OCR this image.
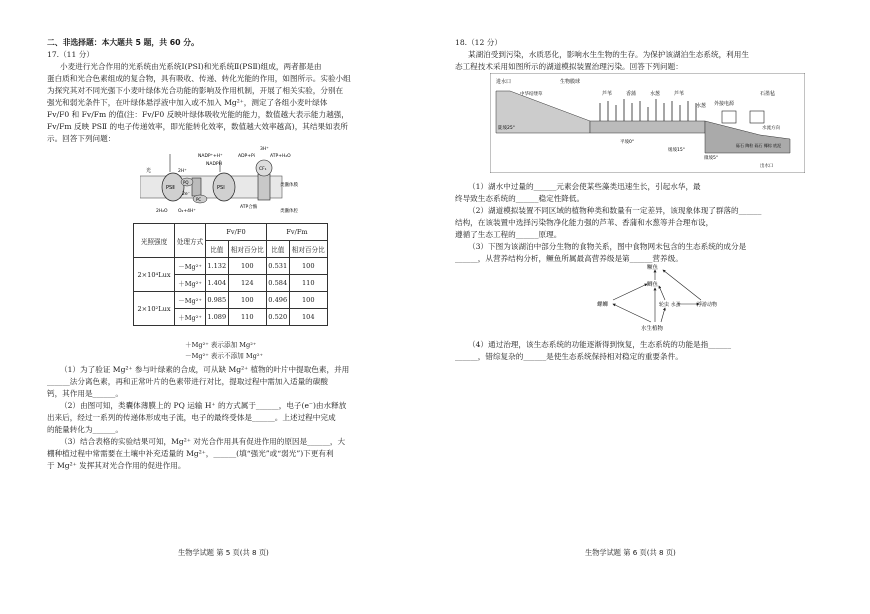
二、非选择题：本大题共 5 题，共 60 分。
17.（11 分）
小麦进行光合作用的光系统由光系统Ⅰ(PSⅠ)和光系统Ⅱ(PSⅡ)组成，两者都是由
蛋白质和光合色素组成的复合物，具有吸收、传递、转化光能的作用，如图所示。实验小组
为探究其对不同光强下小麦叶绿体光合功能的影响及作用机制，开展了相关实验，分别在
强光和弱光条件下，在叶绿体悬浮液中加入或不加入 Mg²⁺，测定了各组小麦叶绿体
Fv/F0 和 Fv/Fm 的值(注：Fv/F0 反映叶绿体吸收光能的能力，数值越大表示能力越强，
Fv/Fm 反映 PSⅡ 的电子传递效率，即光能转化效率，数值越大效率越高)，其结果如表所
示。回答下列问题：
光
PSⅡ	PSⅠ
PQ
PC
CF₁
3H⁺
ADP+Pi	ATP+H₂O
NADP⁺+H⁺
NADPH
2H⁺
2e⁻
2H₂O O₂+4H⁺
ATP合酶
类囊体膜
类囊体腔
光照强度	处理方式	Fv/F0		Fv/Fm	
		比值	相对百分比	比值	相对百分比
2×10⁴Lux	－Mg²⁺	1.132	100	0.531	100
	＋Mg²⁺	1.404	124	0.584	110
2×10²Lux	－Mg²⁺	0.985	100	0.496	100
	＋Mg²⁺	1.089	110	0.520	104
＋Mg²⁺ 表示添加 Mg²⁺
－Mg²⁺ 表示不添加 Mg²⁺
（1）为了验证 Mg²⁺ 参与叶绿素的合成，可从缺 Mg²⁺ 植物的叶片中提取色素，并用
______法分离色素，再和正常叶片的色素带进行对比，提取过程中需加入适量的碳酸
钙，其作用是______。
（2）由图可知，类囊体薄膜上的 PQ 运输 H⁺ 的方式属于______，电子(e⁻)由水释放
出来后，经过一系列的传递体形成电子流，电子的最终受体是______。上述过程中完成
的能量转化为______。
（3）结合表格的实验结果可知，Mg²⁺ 对光合作用具有促进作用的原因是______，大
棚种植过程中常需要在土壤中补充适量的 Mg²⁺，______(填“强光”或“弱光”)下更有利
于 Mg²⁺ 发挥其对光合作用的促进作用。
生物学试题 第 5 页(共 8 页)
18.（12 分）
某湖泊受到污染，水质恶化，影响水生生物的生存。为保护该湖泊生态系统，利用生
态工程技术采用如图所示的湖道模拟装置治理污染。回答下列问题：
进水口	生物膜球
中华结缕草	芦苇	香蒲	水葱	芦苇
水葱 外接电源
石墨毡
水流方向
陡坡25°
平坡0°
缓坡15°
微坡5°
砾石 陶粒 砾石 椰棕 底泥
出水口
（1）湖水中过量的______元素会使某些藻类迅速生长，引起水华，最
终导致生态系统的______稳定性降低。
（2）湖道模拟装置不同区域的植物种类和数量有一定差异，该现象体现了群落的______
结构，在该装置中选择污染物净化能力强的芦苇、香蒲和水葱等并合理布设，
遵循了生态工程的______原理。
（3）下图为该湖泊中部分生物的食物关系，图中食物网未包含的生态系统的成分是
______，从营养结构分析，鳜鱼所属最高营养级是第______营养级。
鳜鱼
鲫鱼
螺蛳	轮虫 水蚤	浮游动物
水生植物
（4）通过治理，该生态系统的功能逐渐得到恢复，生态系统的功能是指______
______，错综复杂的______是使生态系统保持相对稳定的重要条件。
生物学试题 第 6 页(共 8 页)
